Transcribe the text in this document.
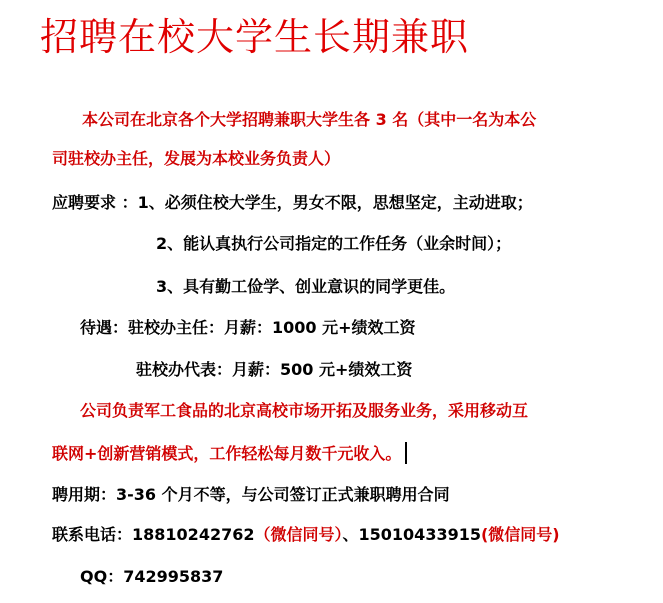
招聘在校大学生长期兼职
本公司在北京各个大学招聘兼职大学生各 3 名（其中一名为本公
司驻校办主任，发展为本校业务负责人）
应聘要求 ：1、必须住校大学生，男女不限，思想坚定，主动进取；
2、能认真执行公司指定的工作任务（业余时间）；
3、具有勤工俭学、创业意识的同学更佳。
待遇：驻校办主任：月薪：1000 元+绩效工资
驻校办代表：月薪：500 元+绩效工资
公司负责军工食品的北京高校市场开拓及服务业务，采用移动互
联网+创新营销模式，工作轻松每月数千元收入。
聘用期：3-36 个月不等，与公司签订正式兼职聘用合同
联系电话：18810242762（微信同号）、15010433915(微信同号)
QQ：742995837
